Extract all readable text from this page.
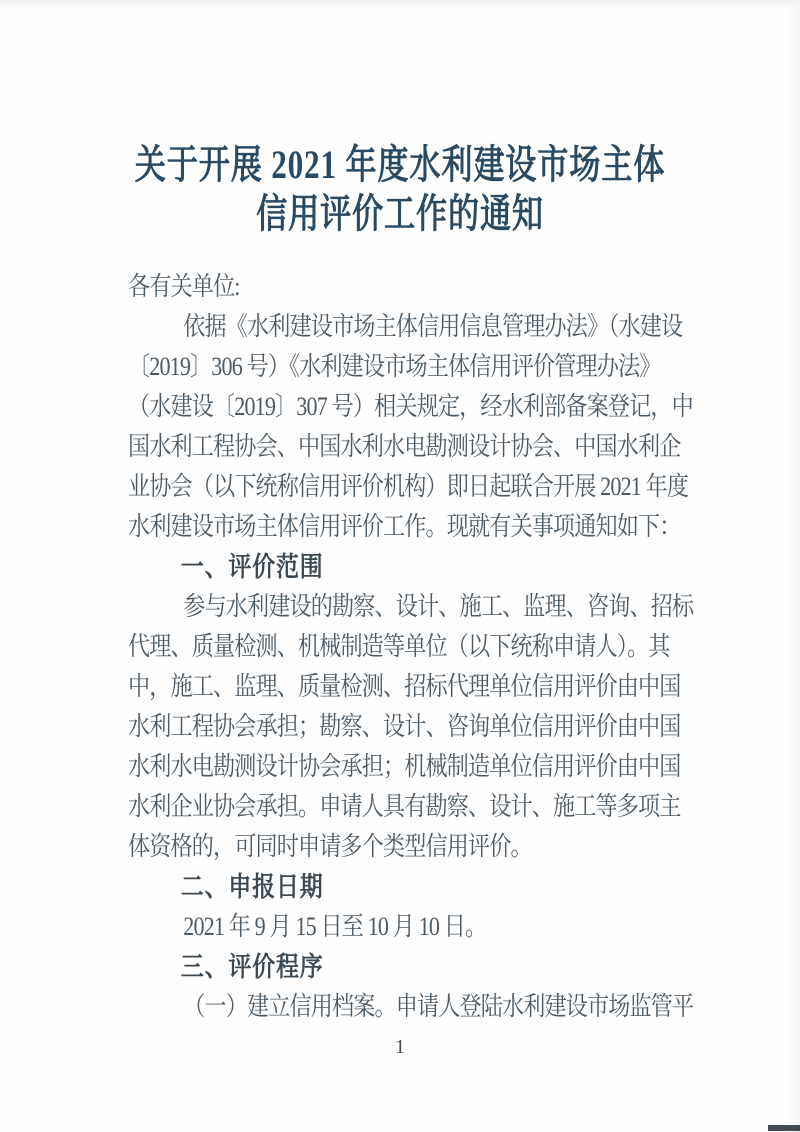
关于开展 2021 年度水利建设市场主体
信用评价工作的通知

各有关单位:

依据《水利建设市场主体信用信息管理办法》（水建设

〔2019〕306 号）《水利建设市场主体信用评价管理办法》

（水建设〔2019〕307 号）相关规定，经水利部备案登记，中

国水利工程协会、中国水利水电勘测设计协会、中国水利企

业协会（以下统称信用评价机构）即日起联合开展 2021 年度

水利建设市场主体信用评价工作。现就有关事项通知如下：

一、评价范围

参与水利建设的勘察、设计、施工、监理、咨询、招标

代理、质量检测、机械制造等单位（以下统称申请人）。其

中，施工、监理、质量检测、招标代理单位信用评价由中国

水利工程协会承担；勘察、设计、咨询单位信用评价由中国

水利水电勘测设计协会承担；机械制造单位信用评价由中国

水利企业协会承担。申请人具有勘察、设计、施工等多项主

体资格的，可同时申请多个类型信用评价。

二、申报日期

2021 年 9 月 15 日至 10 月 10 日。

三、评价程序

（一）建立信用档案。申请人登陆水利建设市场监管平

1
